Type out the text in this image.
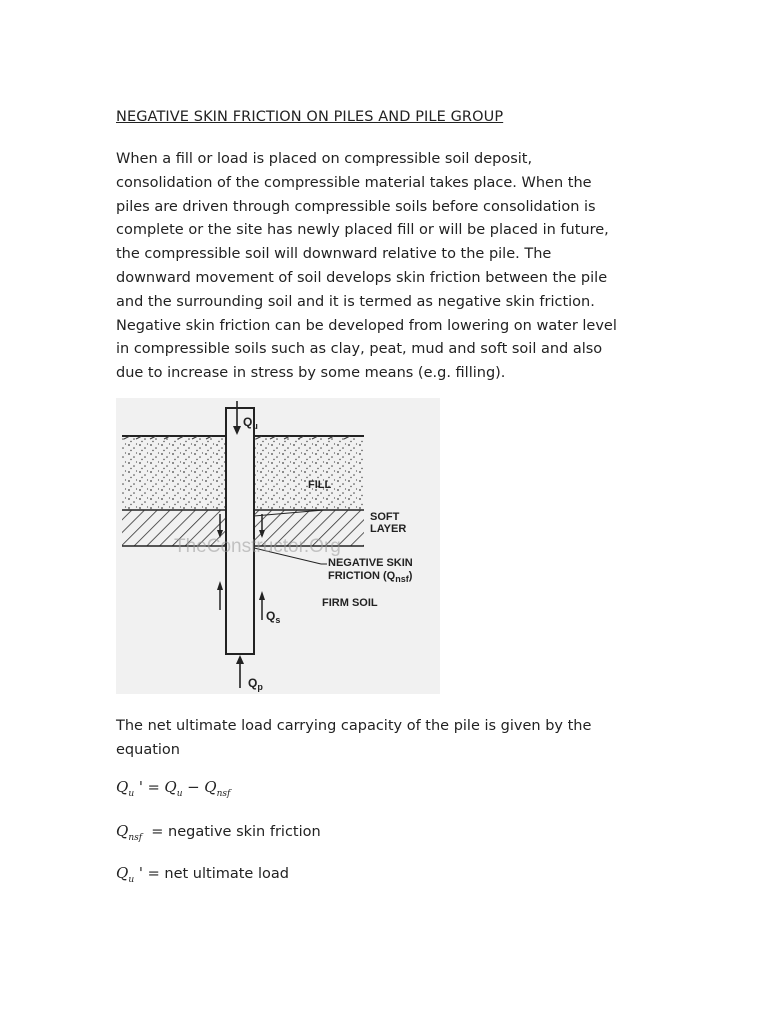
NEGATIVE SKIN FRICTION ON PILES AND PILE GROUP

When a fill or load is placed on compressible soil deposit,
consolidation of the compressible material takes place. When the
piles are driven through compressible soils before consolidation is
complete or the site has newly placed fill or will be placed in future,
the compressible soil will downward relative to the pile. The
downward movement of soil develops skin friction between the pile
and the surrounding soil and it is termed as negative skin friction.
Negative skin friction can be developed from lowering on water level
in compressible soils such as clay, peat, mud and soft soil and also
due to increase in stress by some means (e.g. filling).

$Q_u$
FILL
SOFT
LAYER
NEGATIVE SKIN
FRICTION $(Q_{nsf})$
FIRM SOIL
$Q_s$
$Q_p$
TheConstructor.Org

The net ultimate load carrying capacity of the pile is given by the
equation

$Q_u$ ' = $Q_u - Q_{nsf}$
$Q_{nsf}$ = negative skin friction
$Q_u$ ' = net ultimate load
